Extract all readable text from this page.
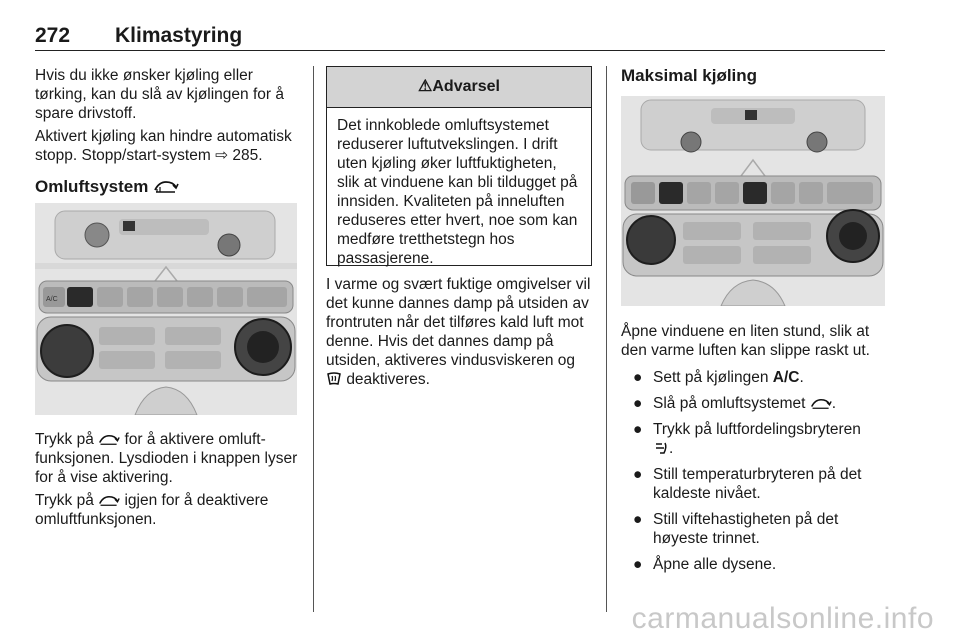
272 Klimastyring

Hvis du ikke ønsker kjøling eller tørking, kan du slå av kjølingen for å spare drivstoff.

Aktivert kjøling kan hindre automatisk stopp. Stopp/start-system ⇨ 285.

Omluftsystem
A/C

Trykk på for å aktivere omluft-funksjonen. Lysdioden i knappen lyser for å vise aktivering.

Trykk på igjen for å deaktivere omluftfunksjonen.

⚠Advarsel
Det innkoblede omluftsystemet reduserer luftutvekslingen. I drift uten kjøling øker luftfuktigheten, slik at vinduene kan bli tildugget på innsiden. Kvaliteten på inneluften reduseres etter hvert, noe som kan medføre tretthetstegn hos passasjerene.

I varme og svært fuktige omgivelser vil det kunne dannes damp på utsiden av frontruten når det tilføres kald luft mot denne. Hvis det dannes damp på utsiden, aktiveres vindusviskeren og  deaktiveres.

Maksimal kjøling

Åpne vinduene en liten stund, slik at den varme luften kan slippe raskt ut.

● Sett på kjølingen A/C.
● Slå på omluftsystemet .
● Trykk på luftfordelingsbryteren
.
● Still temperaturbryteren på det kaldeste nivået.
● Still viftehastigheten på det høyeste trinnet.
● Åpne alle dysene.
carmanualsonline.info
